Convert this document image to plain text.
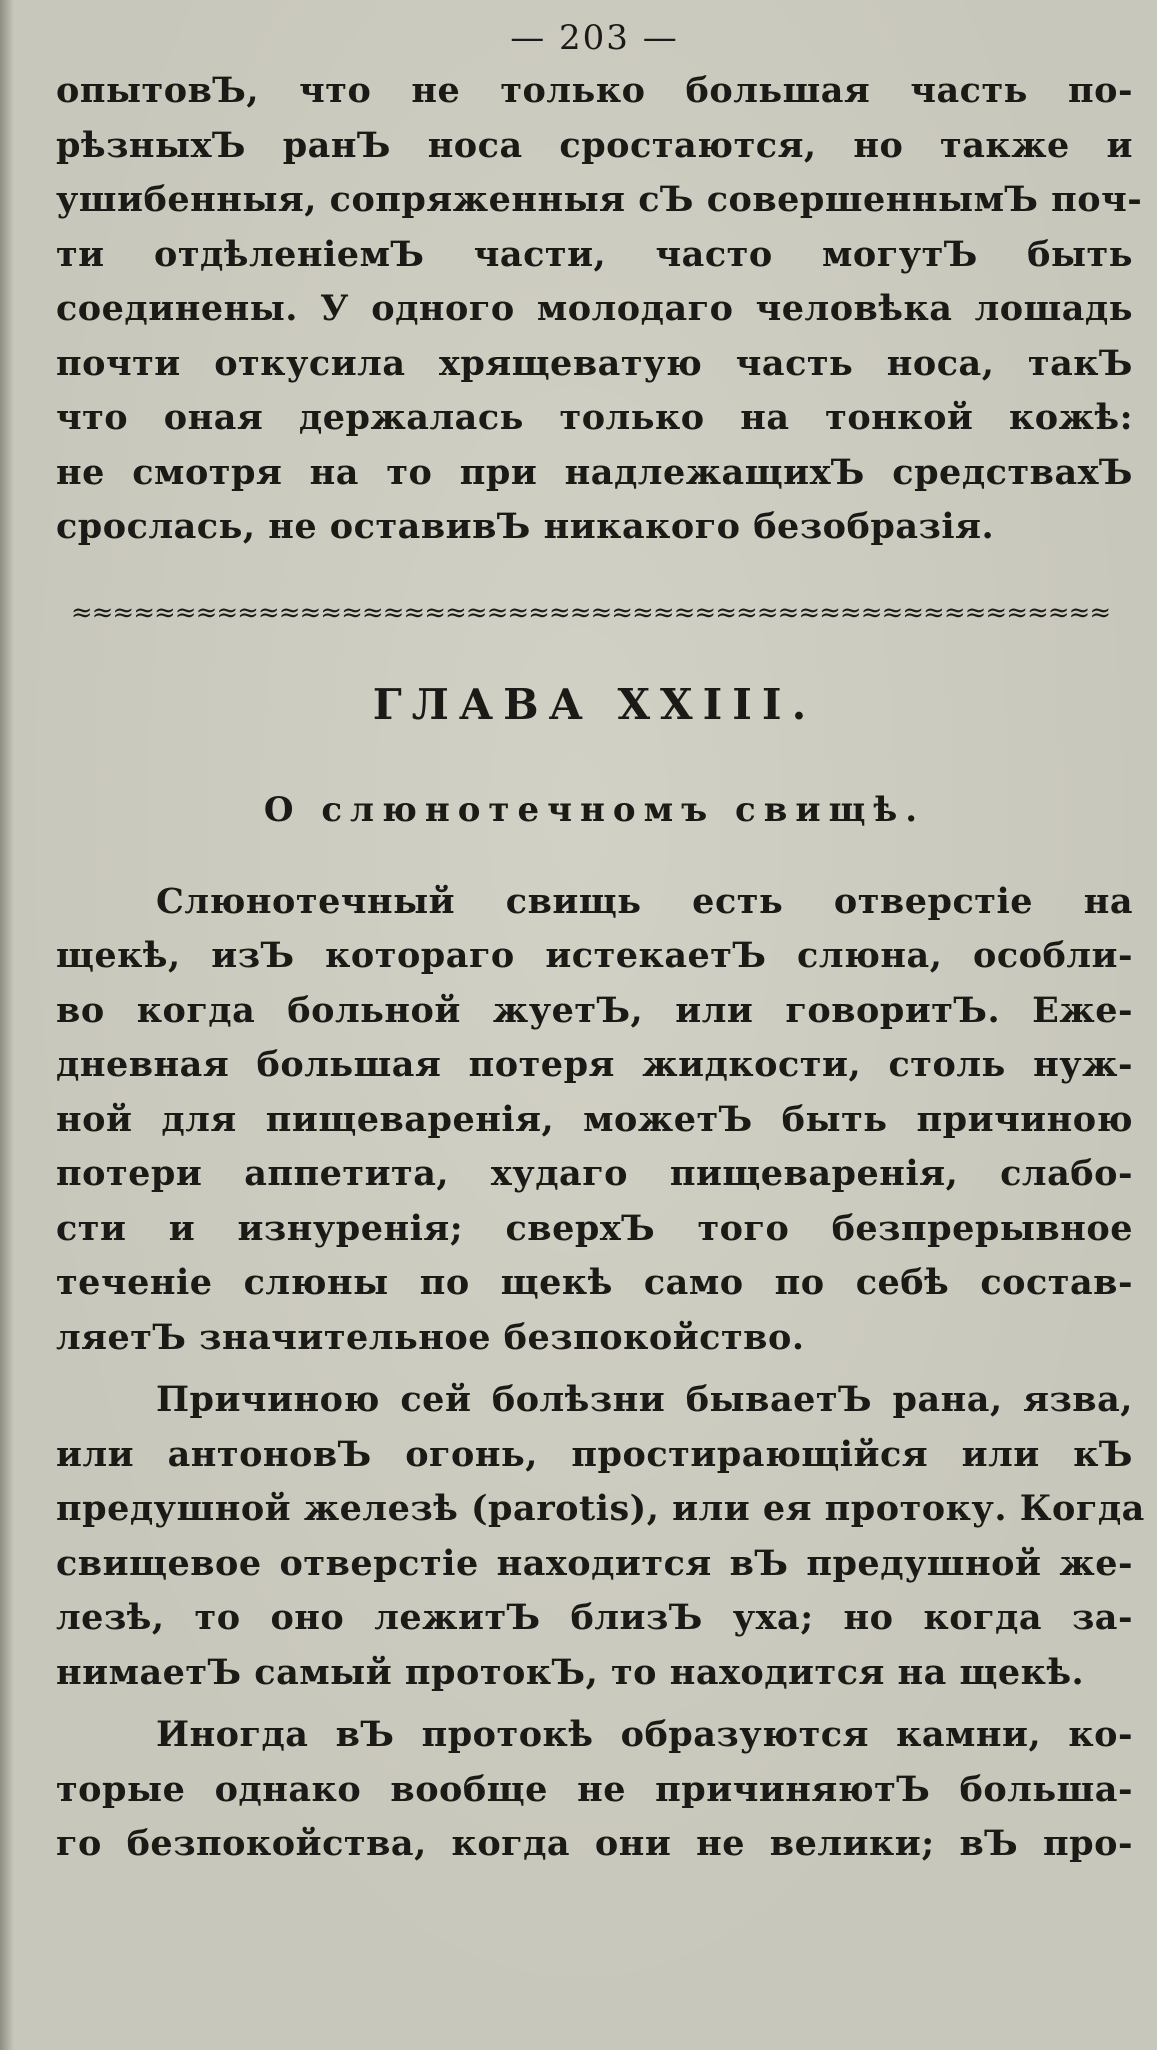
— 203 —
опытовЪ, что не только большая часть по-
рѣзныхЪ ранЪ носа сростаются, но также и
ушибенныя, сопряженныя сЪ совершеннымЪ поч-
ти отдѣленіемЪ части, часто могутЪ быть
соединены. У одного молодаго человѣка лошадь
почти откусила хрящеватую часть носа, такЪ
что оная держалась только на тонкой кожѣ:
не смотря на то при надлежащихЪ средствахЪ
срослась, не оставивЪ никакого безобразія.
≈≈≈≈≈≈≈≈≈≈≈≈≈≈≈≈≈≈≈≈≈≈≈≈≈≈≈≈≈≈≈≈≈≈≈≈≈≈≈≈≈≈≈≈≈≈≈≈≈≈
ГЛАВА XXIII.
О слюнотечномъ свищѣ.
Слюнотечный свищь есть отверстіе на
щекѣ, изЪ котораго истекаетЪ слюна, особли-
во когда больной жуетЪ, или говоритЪ. Еже-
дневная большая потеря жидкости, столь нуж-
ной для пищеваренія, можетЪ быть причиною
потери аппетита, худаго пищеваренія, слабо-
сти и изнуренія; сверхЪ того безпрерывное
теченіе слюны по щекѣ само по себѣ состав-
ляетЪ значительное безпокойство.
Причиною сей болѣзни бываетЪ рана, язва,
или антоновЪ огонь, простирающійся или кЪ
предушной железѣ (parotis), или ея протоку. Когда
свищевое отверстіе находится вЪ предушной же-
лезѣ, то оно лежитЪ близЪ уха; но когда за-
нимаетЪ самый протокЪ, то находится на щекѣ.
Иногда вЪ протокѣ образуются камни, ко-
торые однако вообще не причиняютЪ больша-
го безпокойства, когда они не велики; вЪ про-
